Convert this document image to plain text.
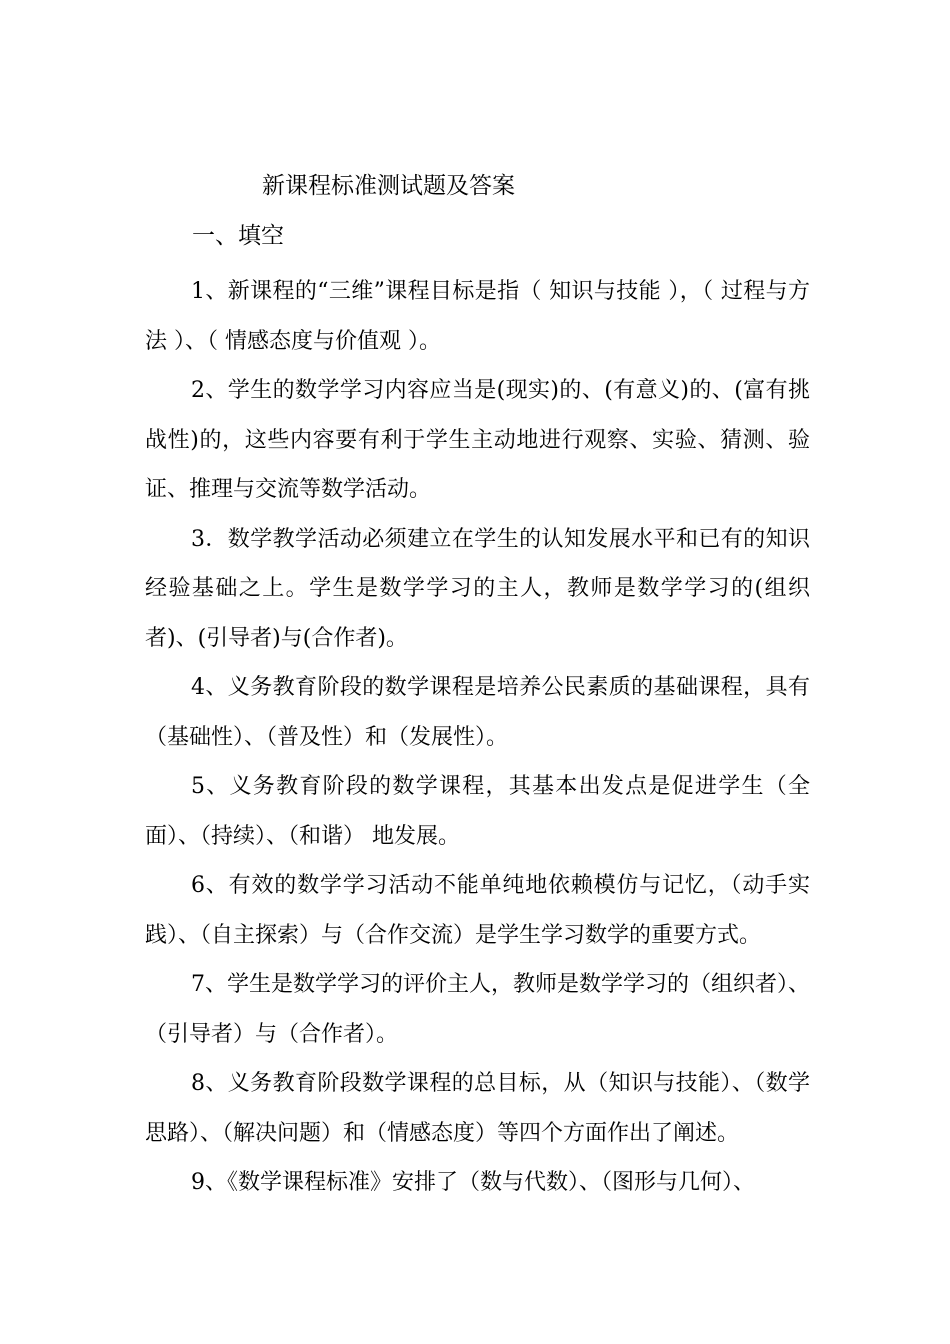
新课程标准测试题及答案
一、填空

1、新课程的“三维”课程目标是指（ 知识与技能 ），（ 过程与方法 ）、（ 情感态度与价值观 ）。

2、学生的数学学习内容应当是(现实)的、(有意义)的、(富有挑战性)的，这些内容要有利于学生主动地进行观察、实验、猜测、验证、推理与交流等数学活动。

3．数学教学活动必须建立在学生的认知发展水平和已有的知识经验基础之上。学生是数学学习的主人，教师是数学学习的(组织者)、(引导者)与(合作者)。

4、义务教育阶段的数学课程是培养公民素质的基础课程，具有（基础性）、（普及性）和（发展性）。

5、义务教育阶段的数学课程，其基本出发点是促进学生（全面）、（持续）、（和谐） 地发展。

6、有效的数学学习活动不能单纯地依赖模仿与记忆，（动手实践）、（自主探索）与（合作交流）是学生学习数学的重要方式。

7、学生是数学学习的评价主人，教师是数学学习的（组织者）、（引导者）与（合作者）。

8、义务教育阶段数学课程的总目标，从（知识与技能）、（数学思路）、（解决问题）和（情感态度）等四个方面作出了阐述。

9、《数学课程标准》安排了（数与代数）、（图形与几何）、
